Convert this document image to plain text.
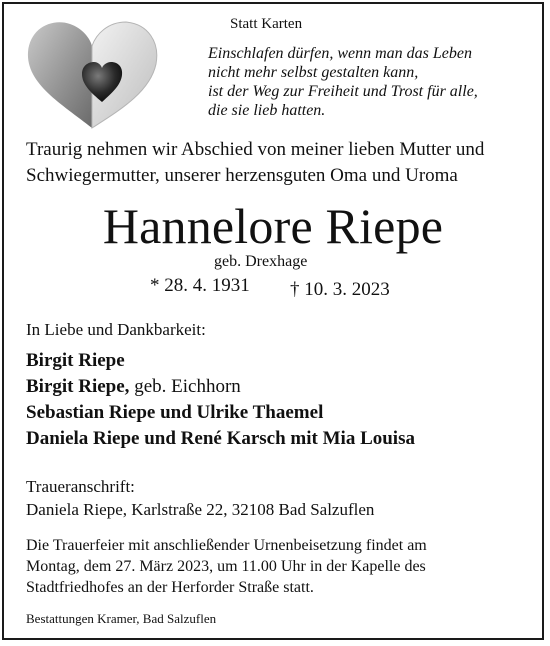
Statt Karten
Einschlafen dürfen, wenn man das Leben
nicht mehr selbst gestalten kann,
ist der Weg zur Freiheit und Trost für alle,
die sie lieb hatten.
Traurig nehmen wir Abschied von meiner lieben Mutter und
Schwiegermutter, unserer herzensguten Oma und Uroma
Hannelore Riepe
geb. Drexhage
* 28. 4. 1931 † 10. 3. 2023
In Liebe und Dankbarkeit:
Birgit Riepe
Birgit Riepe, geb. Eichhorn
Sebastian Riepe und Ulrike Thaemel
Daniela Riepe und René Karsch mit Mia Louisa
Traueranschrift:
Daniela Riepe, Karlstraße 22, 32108 Bad Salzuflen
Die Trauerfeier mit anschließender Urnenbeisetzung findet am
Montag, dem 27. März 2023, um 11.00 Uhr in der Kapelle des
Stadtfriedhofes an der Herforder Straße statt.
Bestattungen Kramer, Bad Salzuflen
